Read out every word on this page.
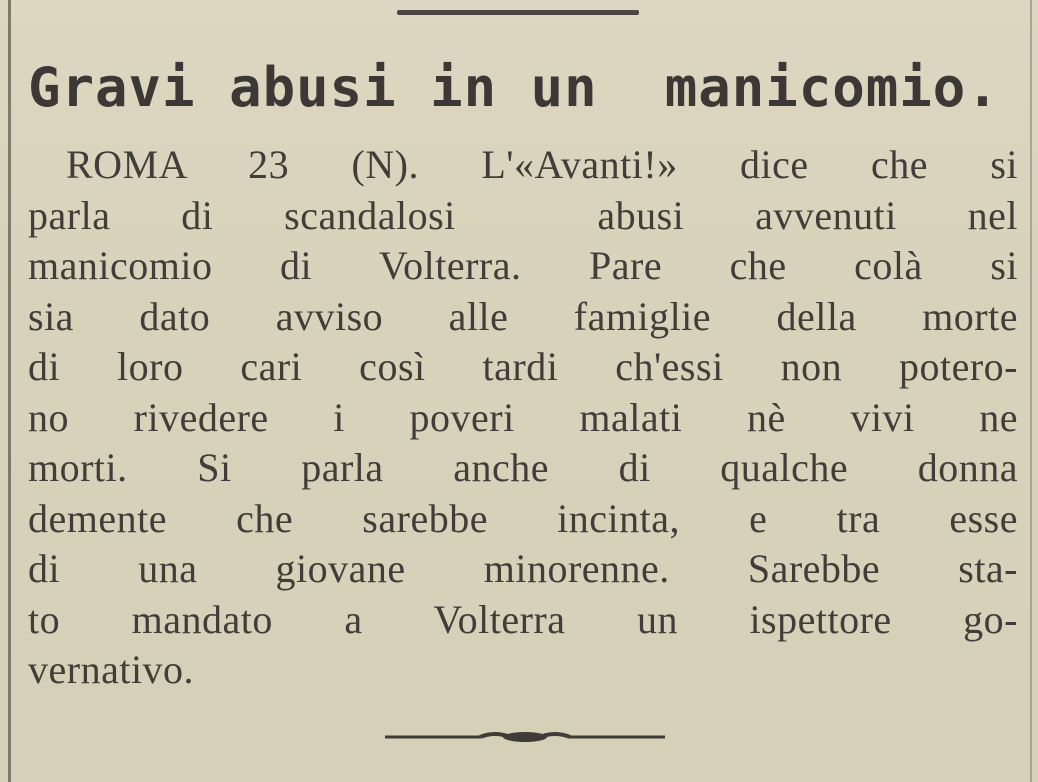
Gravi abusi in un  manicomio.
ROMA 23 (N). L'«Avanti!» dice che si
parla di scandalosi  abusi avvenuti nel
manicomio di Volterra. Pare che colà si
sia dato avviso alle famiglie della morte
di loro cari così tardi ch'essi non potero-
no rivedere i poveri malati nè vivi ne
morti. Si parla anche di qualche donna
demente che sarebbe incinta, e tra esse
di una giovane minorenne. Sarebbe sta-
to mandato a Volterra un ispettore go-
vernativo.
